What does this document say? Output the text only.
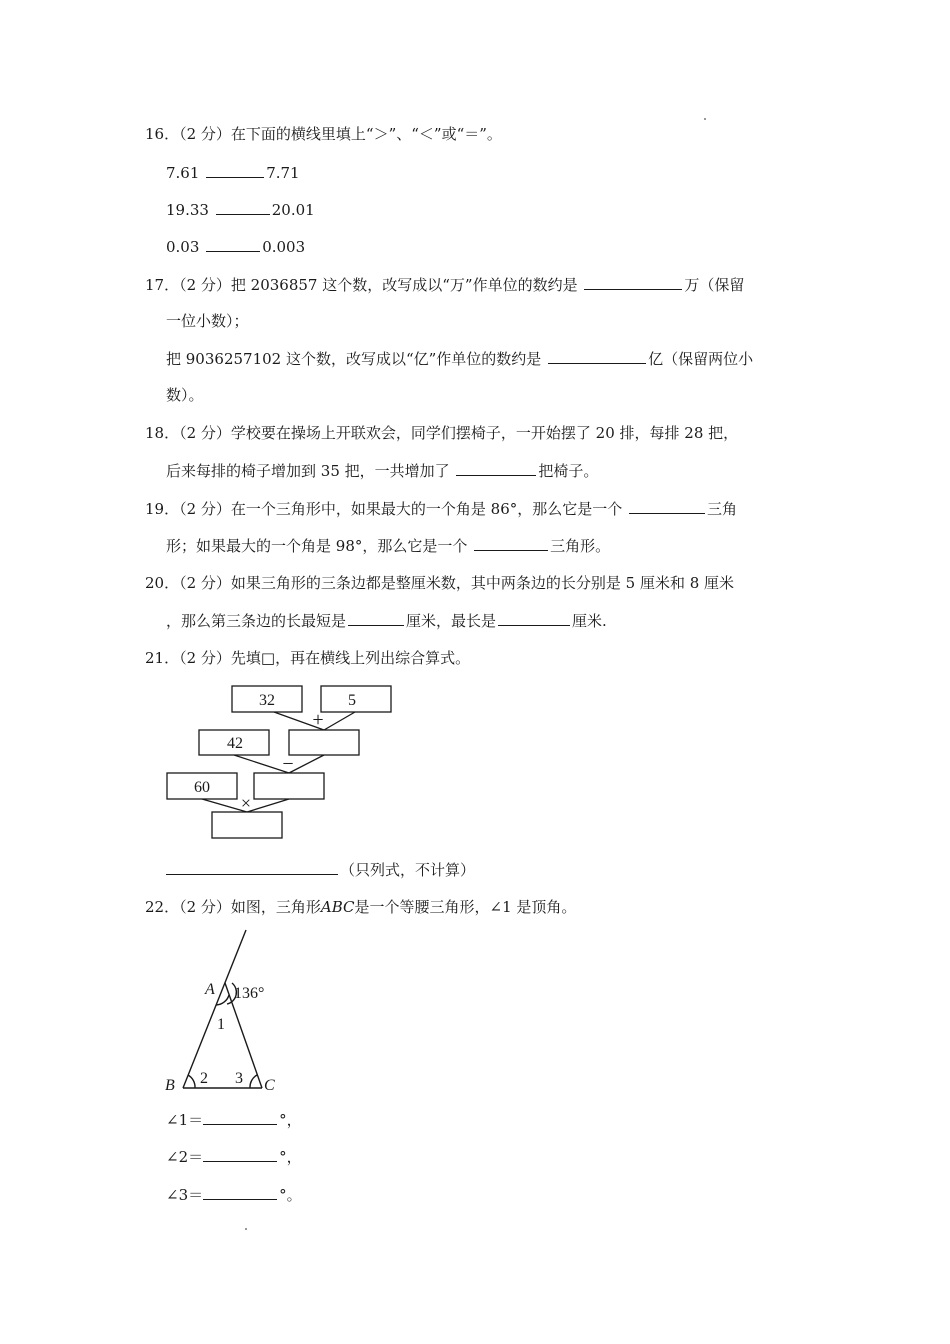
16．（2 分）在下面的横线里填上“＞”、“＜”或“＝”。
7.61	7.71
19.33	20.01
0.03	0.003
17．（2 分）把 2036857 这个数，改写成以“万”作单位的数约是	万（保留
一位小数）；
把 9036257102 这个数，改写成以“亿”作单位的数约是	亿（保留两位小
数）。
18．（2 分）学校要在操场上开联欢会，同学们摆椅子，一开始摆了 20 排，每排 28 把，
后来每排的椅子增加到 35 把，一共增加了	把椅子。
19．（2 分）在一个三角形中，如果最大的一个角是 86°，那么它是一个	三角
形；如果最大的一个角是 98°，那么它是一个	三角形。
20．（2 分）如果三角形的三条边都是整厘米数，其中两条边的长分别是 5 厘米和 8 厘米
，那么第三条边的长最短是	厘米，最长是	厘米.
21．（2 分）先填□，再在横线上列出综合算式。
32	5
42
60
+
−
×
（只列式，不计算）
22．（2 分）如图，三角形ABC是一个等腰三角形，∠1 是顶角。
A 136°
1
B 2 3 C
∠1＝	°，
∠2＝	°，
∠3＝	°。
